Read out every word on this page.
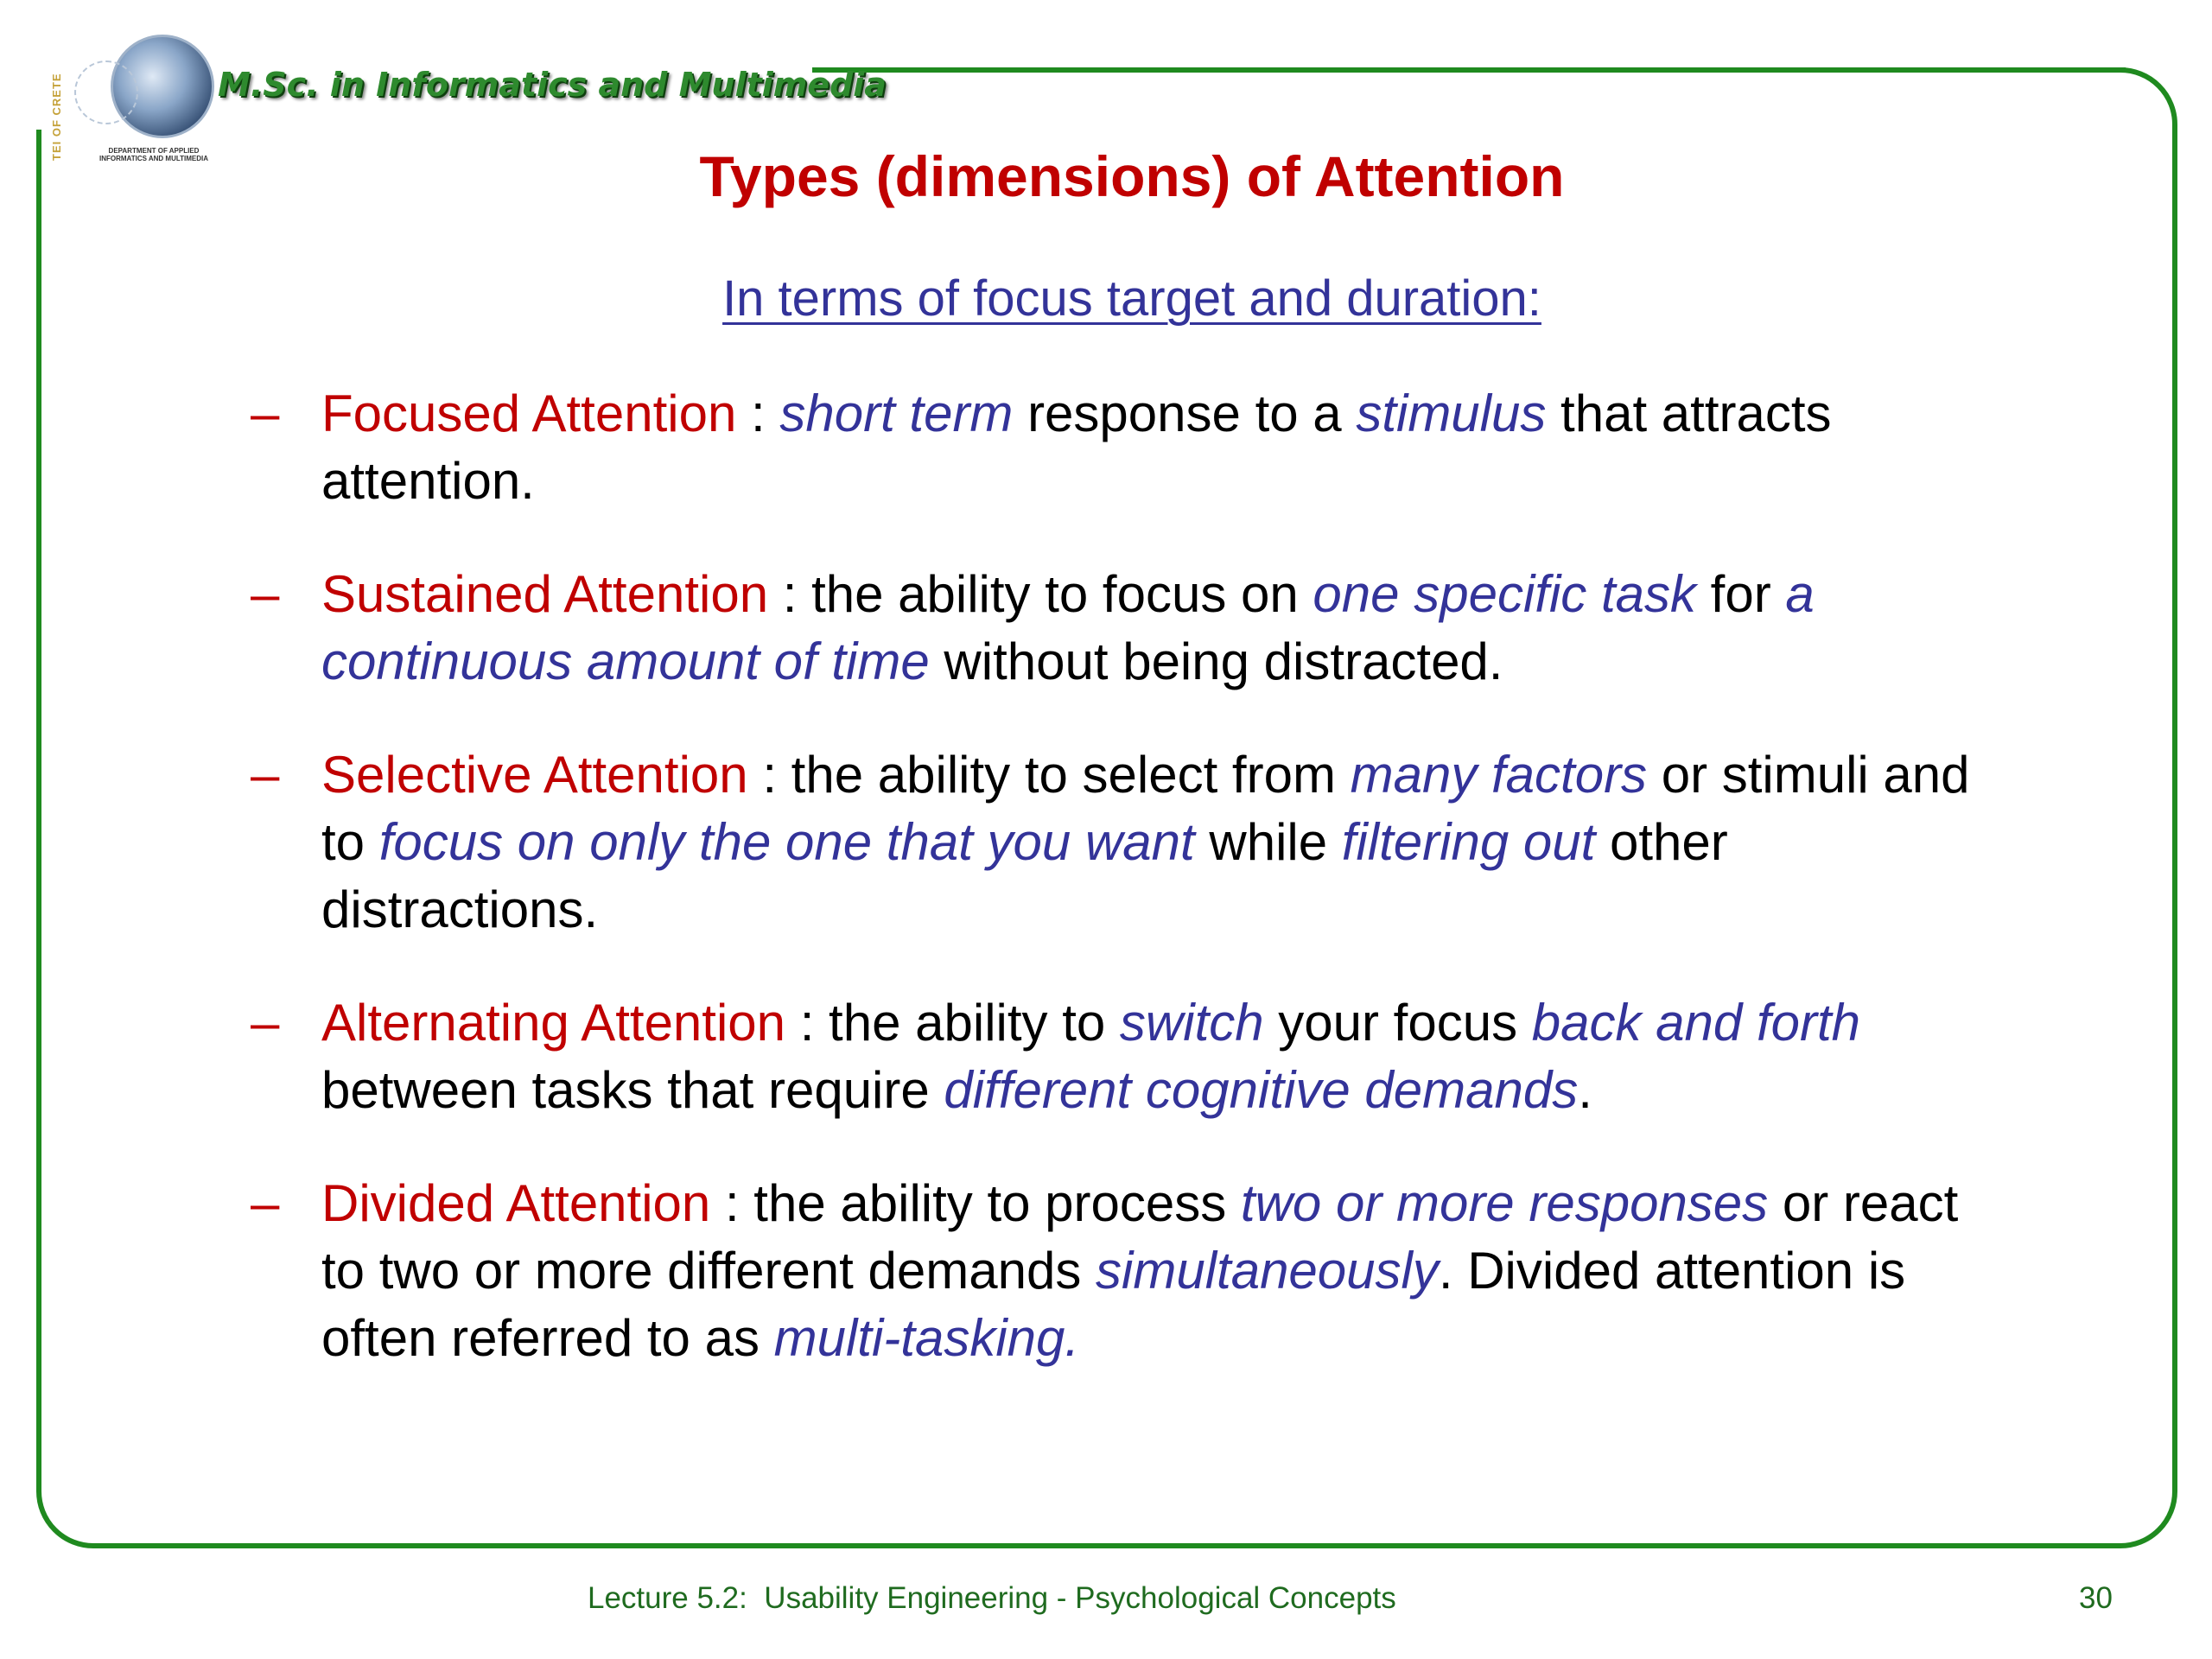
TEI OF CRETE	DEPARTMENT OF APPLIED INFORMATICS AND MULTIMEDIA
M.Sc. in Informatics and Multimedia
Types (dimensions) of Attention
In terms of focus target and duration:
– Focused Attention : short term response to a stimulus that attracts attention.
– Sustained Attention : the ability to focus on one specific task for a continuous amount of time without being distracted.
– Selective Attention : the ability to select from many factors or stimuli and to focus on only the one that you want while filtering out other distractions.
– Alternating Attention : the ability to switch your focus back and forth between tasks that require different cognitive demands.
– Divided Attention : the ability to process two or more responses or react to two or more different demands simultaneously. Divided attention is often referred to as multi-tasking.
Lecture 5.2:  Usability Engineering - Psychological Concepts	30
